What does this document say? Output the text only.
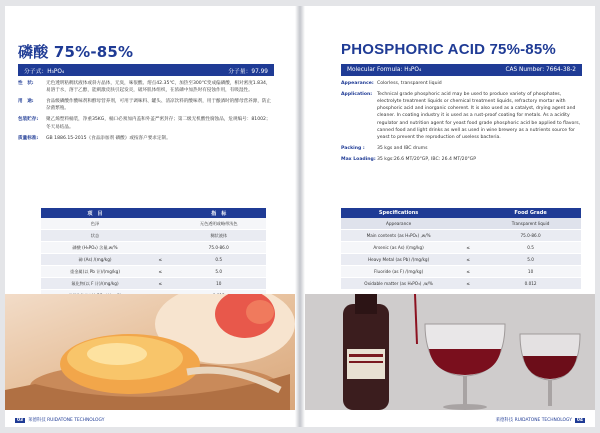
磷酸 75%-85%
分子式：H₃PO₄	分子量：97.99
性　状:	无色透明粘稠状液体或斜方晶体，无臭，味很酸。熔点42.35℃，加热至300℃变成偏磷酸，相对密度1.834，易溶于水，溶于乙醇，能刺激皮肤引起发炎，破坏肌体组织，在浓磷中加热时有侵蚀作用，有吸湿性。
用　途:	食品级磷酸作酸味剂和酵母营养剂，可用于调味料、罐头、清凉饮料的酸味剂，用于酿酒时的酵母营养源，防止杂菌繁殖。
包装贮存:	聚乙烯塑料桶装，净重35KG，桶口必须加内盖和外盖严密封存；第二级无机酸性腐蚀品，危规编号：81002；冬天易结晶。
质量标准:	GB 1886.15-2015《食品添加剂 磷酸》或按客户要求定制。
项　目	指　标
色泽	无色透明或略带浅色
状态	稠状液体
磷酸 (H₃PO₄) 含量,w/%	75.0-86.0
砷 (As) /(mg/kg)	≤	0.5
重金属(以 Pb 计)/(mg/kg)	≤	5.0
氟化物(以 F 计)/(mg/kg)	≤	10
03	莱德科技 RUIDATONE TECHNOLOGY
PHOSPHORIC ACID 75%-85%
Molecular Formula: H₃PO₄	CAS Number: 7664-38-2
Appearance: Colorless, transparent liquid
Application:	Technical grade phosphoric acid may be used to produce variety of phosphates, electrolyte treatment liquids or chemical treatment liquids, refractory mortar with phosphoric acid and inorganic coherent. It is also used as a catalyst, drying agent and cleaner. In coating industry it is used as a rust-proof coating for metals. As a acidity regulator and nutrition agent for yeast food grade phosphoric acid be applied to flavors, canned food and light drinks as well as used in wine brewery as a nutrients source for yeast to prevent the reproduction of useless bacteria.
Packing :	35 kgs and IBC drums
Max Loading: 35 kgs:26.6 MT/20"GP, IBC: 26.4 MT/20"GP
Specifications	Food Grade
Appearance	Transparent liquid
Main contents (as H₃PO₄) ,w/%	75.0-86.0
Arsenic (as As) /(mg/kg)	≤	0.5
Heavy Metal (as Pb) /(mg/kg)	≤	5.0
Fluoride (as F) /(mg/kg)	≤	10
Oxidable matter (as H₃PO₃) ,w/%	≤	0.012
莱德科技 RUIDATONE TECHNOLOGY	04
